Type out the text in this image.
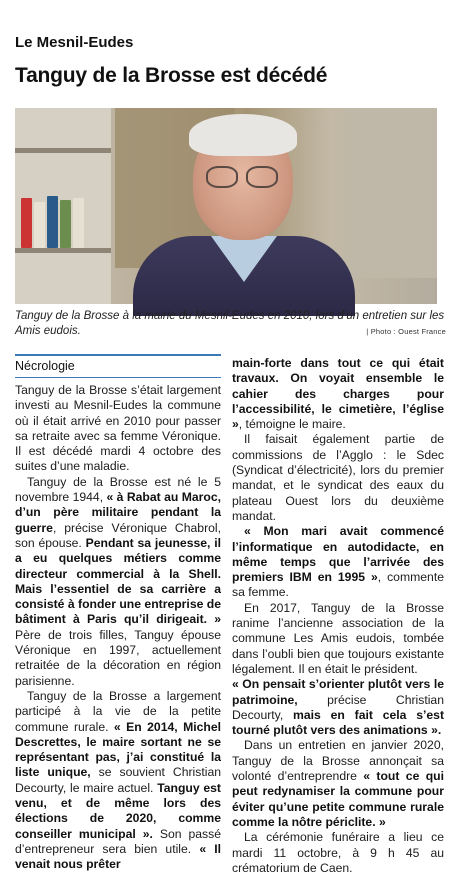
Le Mesnil-Eudes
Tanguy de la Brosse est décédé
Tanguy de la Brosse à la mairie du Mesnil-Eudes en 2010, lors d’un entretien sur les Amis eudois.	| Photo : Ouest France
Nécrologie

Tanguy de la Brosse s’était largement investi au Mesnil-Eudes la commune où il était arrivé en 2010 pour passer sa retraite avec sa femme Véronique. Il est décédé mardi 4 octobre des suites d’une maladie.

Tanguy de la Brosse est né le 5 novembre 1944, « à Rabat au Maroc, d’un père militaire pendant la guerre, précise Véronique Chabrol, son épouse. Pendant sa jeunesse, il a eu quelques métiers comme directeur commercial à la Shell. Mais l’essentiel de sa carrière a consisté à fonder une entreprise de bâtiment à Paris qu’il dirigeait. » Père de trois filles, Tanguy épouse Véronique en 1997, actuellement retraitée de la décoration en région parisienne.

Tanguy de la Brosse a largement participé à la vie de la petite commune rurale. « En 2014, Michel Descrettes, le maire sortant ne se représentant pas, j’ai constitué la liste unique, se souvient Christian Decourty, le maire actuel. Tanguy est venu, et de même lors des élections de 2020, comme conseiller municipal ». Son passé d’entrepreneur sera bien utile. « Il venait nous prêter

main-forte dans tout ce qui était travaux. On voyait ensemble le cahier des charges pour l’accessibilité, le cimetière, l’église », témoigne le maire.

Il faisait également partie de commissions de l’Agglo : le Sdec (Syndicat d’électricité), lors du premier mandat, et le syndicat des eaux du plateau Ouest lors du deuxième mandat.

« Mon mari avait commencé l’informatique en autodidacte, en même temps que l’arrivée des premiers IBM en 1995 », commente sa femme.

En 2017, Tanguy de la Brosse ranime l’ancienne association de la commune Les Amis eudois, tombée dans l’oubli bien que toujours existante légalement. Il en était le président.

« On pensait s’orienter plutôt vers le patrimoine, précise Christian Decourty, mais en fait cela s’est tourné plutôt vers des animations ».

Dans un entretien en janvier 2020, Tanguy de la Brosse annonçait sa volonté d’entreprendre « tout ce qui peut redynamiser la commune pour éviter qu’une petite commune rurale comme la nôtre périclite. »

La cérémonie funéraire a lieu ce mardi 11 octobre, à 9 h 45 au crématorium de Caen.
